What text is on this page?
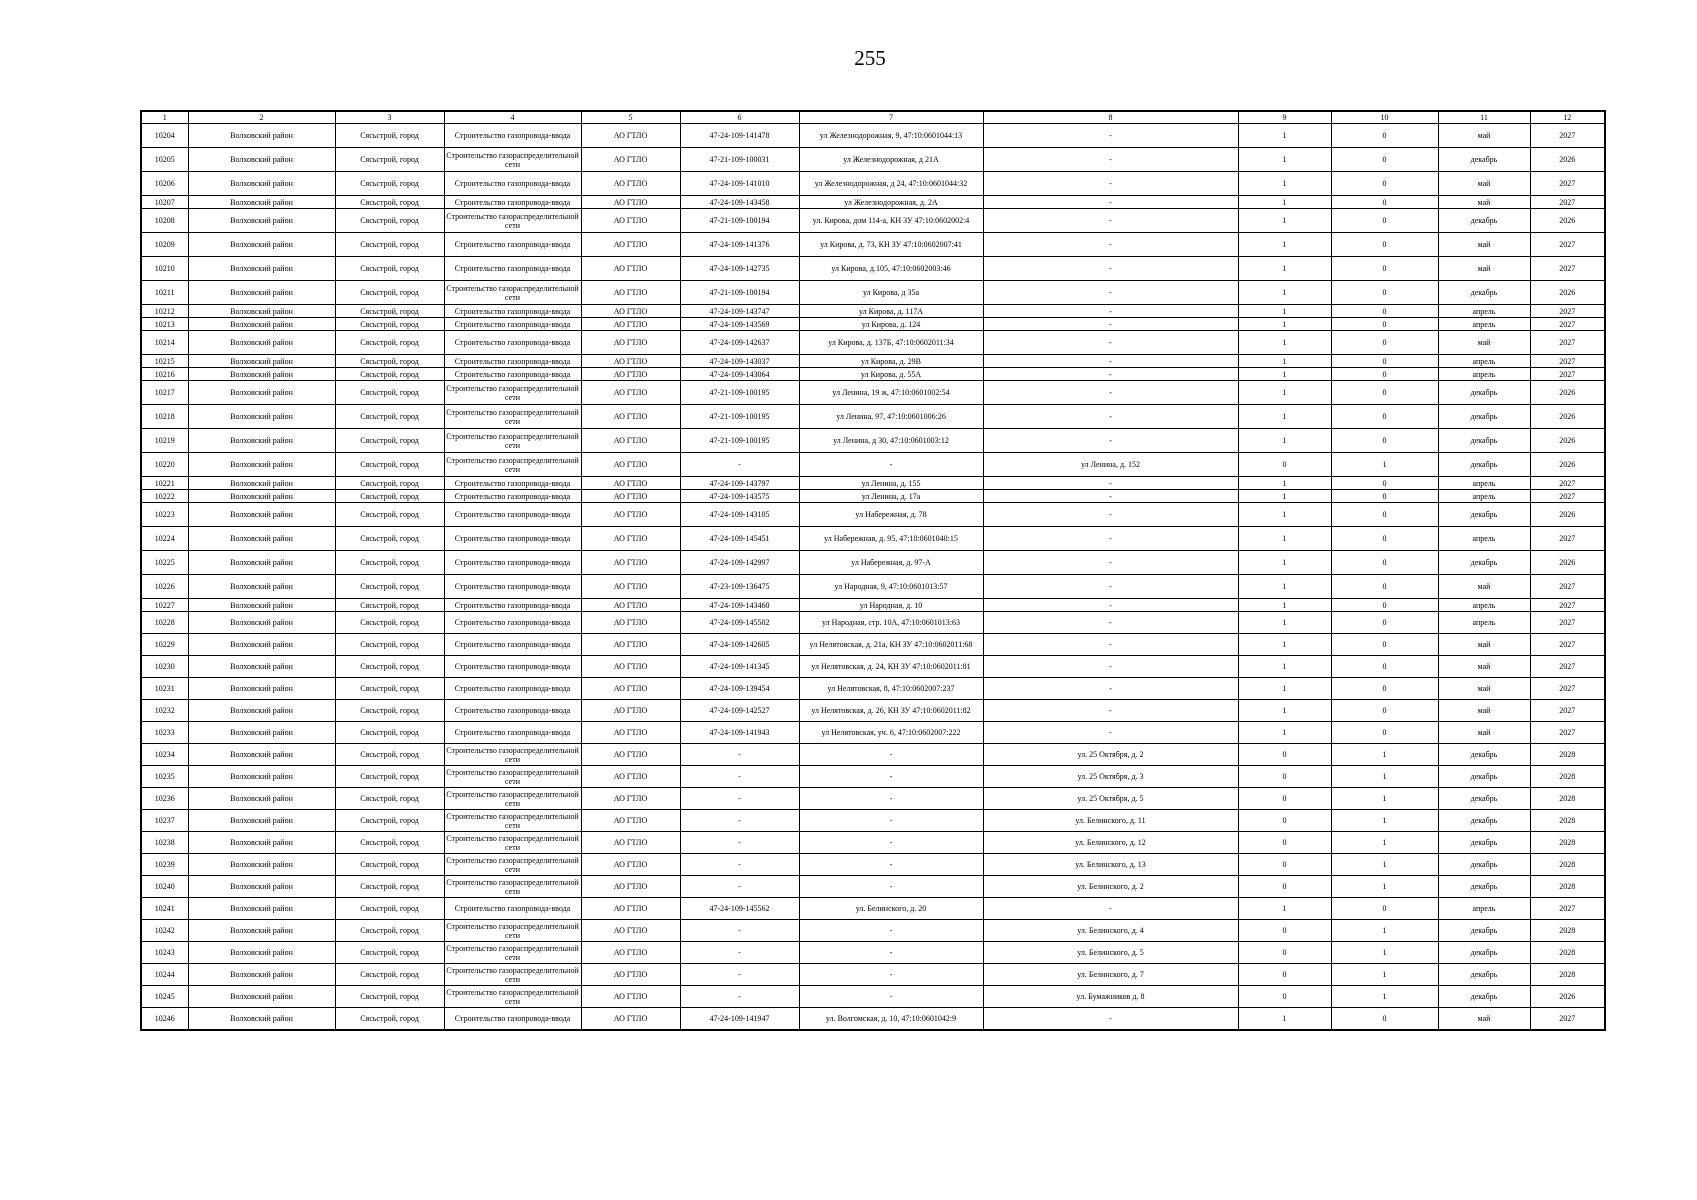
255
1	2	3	4	5	6	7	8	9	10	11	12
10204	Волховский район	Сясьстрой, город	Строительство газопровода-ввода	АО ГТЛО	47-24-109-141478	ул Железнодорожная, 9, 47:10:0601044:13	-	1	0	май	2027
10205	Волховский район	Сясьстрой, город	Строительство газораспределительной сети	АО ГТЛО	47-21-109-100031	ул Железнодорожная, д 21А	-	1	0	декабрь	2026
10206	Волховский район	Сясьстрой, город	Строительство газопровода-ввода	АО ГТЛО	47-24-109-141010	ул Железнодорожная, д 24, 47:10:0601044:32	-	1	0	май	2027
10207	Волховский район	Сясьстрой, город	Строительство газопровода-ввода	АО ГТЛО	47-24-109-143458	ул Железнодорожная, д. 2А	-	1	0	май	2027
10208	Волховский район	Сясьстрой, город	Строительство газораспределительной сети	АО ГТЛО	47-21-109-100194	ул. Кирова, дом 114-а, КН ЗУ 47:10:0602002:4	-	1	0	декабрь	2026
10209	Волховский район	Сясьстрой, город	Строительство газопровода-ввода	АО ГТЛО	47-24-109-141376	ул Кирова, д. 73, КН ЗУ 47:10:0602007:41	-	1	0	май	2027
10210	Волховский район	Сясьстрой, город	Строительство газопровода-ввода	АО ГТЛО	47-24-109-142735	ул Кирова, д.105, 47:10:0602003:46	-	1	0	май	2027
10211	Волховский район	Сясьстрой, город	Строительство газораспределительной сети	АО ГТЛО	47-21-109-100194	ул Кирова, д 35а	-	1	0	декабрь	2026
10212	Волховский район	Сясьстрой, город	Строительство газопровода-ввода	АО ГТЛО	47-24-109-143747	ул Кирова, д. 117А	-	1	0	апрель	2027
10213	Волховский район	Сясьстрой, город	Строительство газопровода-ввода	АО ГТЛО	47-24-109-143569	ул Кирова, д. 124	-	1	0	апрель	2027
10214	Волховский район	Сясьстрой, город	Строительство газопровода-ввода	АО ГТЛО	47-24-109-142637	ул Кирова, д. 137Б, 47:10:0602011:34	-	1	0	май	2027
10215	Волховский район	Сясьстрой, город	Строительство газопровода-ввода	АО ГТЛО	47-24-109-143037	ул Кирова, д. 29В	-	1	0	апрель	2027
10216	Волховский район	Сясьстрой, город	Строительство газопровода-ввода	АО ГТЛО	47-24-109-143064	ул Кирова, д. 55А	-	1	0	апрель	2027
10217	Волховский район	Сясьстрой, город	Строительство газораспределительной сети	АО ГТЛО	47-21-109-100195	ул Ленина, 19 ж, 47:10:0601002:54	-	1	0	декабрь	2026
10218	Волховский район	Сясьстрой, город	Строительство газораспределительной сети	АО ГТЛО	47-21-109-100195	ул Ленина, 97, 47:10:0601006:26	-	1	0	декабрь	2026
10219	Волховский район	Сясьстрой, город	Строительство газораспределительной сети	АО ГТЛО	47-21-109-100195	ул Ленина, д 30, 47:10:0601003:12	-	1	0	декабрь	2026
10220	Волховский район	Сясьстрой, город	Строительство газораспределительной сети	АО ГТЛО	-	-	ул Ленина, д. 152	0	1	декабрь	2026
10221	Волховский район	Сясьстрой, город	Строительство газопровода-ввода	АО ГТЛО	47-24-109-143797	ул Ленина, д. 155	-	1	0	апрель	2027
10222	Волховский район	Сясьстрой, город	Строительство газопровода-ввода	АО ГТЛО	47-24-109-143575	ул Ленина, д. 17а	-	1	0	апрель	2027
10223	Волховский район	Сясьстрой, город	Строительство газопровода-ввода	АО ГТЛО	47-24-109-143105	ул Набережная, д. 78	-	1	0	декабрь	2026
10224	Волховский район	Сясьстрой, город	Строительство газопровода-ввода	АО ГТЛО	47-24-109-145451	ул Набережная, д. 95, 47:10:0601040:15	-	1	0	апрель	2027
10225	Волховский район	Сясьстрой, город	Строительство газопровода-ввода	АО ГТЛО	47-24-109-142997	ул Набережная, д. 97-А	-	1	0	декабрь	2026
10226	Волховский район	Сясьстрой, город	Строительство газопровода-ввода	АО ГТЛО	47-23-109-136475	ул Народная, 9, 47:10:0601013:57	-	1	0	май	2027
10227	Волховский район	Сясьстрой, город	Строительство газопровода-ввода	АО ГТЛО	47-24-109-143460	ул Народная, д. 10	-	1	0	апрель	2027
10228	Волховский район	Сясьстрой, город	Строительство газопровода-ввода	АО ГТЛО	47-24-109-145502	ул Народная, стр. 10А, 47:10:0601013:63	-	1	0	апрель	2027
10229	Волховский район	Сясьстрой, город	Строительство газопровода-ввода	АО ГТЛО	47-24-109-142605	ул Нелятовская, д. 21а, КН ЗУ 47:10:0602011:68	-	1	0	май	2027
10230	Волховский район	Сясьстрой, город	Строительство газопровода-ввода	АО ГТЛО	47-24-109-141345	ул Нелятовская, д. 24, КН ЗУ 47:10:0602011:81	-	1	0	май	2027
10231	Волховский район	Сясьстрой, город	Строительство газопровода-ввода	АО ГТЛО	47-24-109-139454	ул Нелятовская, 8, 47:10:0602007:237	-	1	0	май	2027
10232	Волховский район	Сясьстрой, город	Строительство газопровода-ввода	АО ГТЛО	47-24-109-142527	ул Нелятовская, д. 26, КН ЗУ 47:10:0602011:82	-	1	0	май	2027
10233	Волховский район	Сясьстрой, город	Строительство газопровода-ввода	АО ГТЛО	47-24-109-141943	ул Нелятовская, уч. 6, 47:10:0602007:222	-	1	0	май	2027
10234	Волховский район	Сясьстрой, город	Строительство газораспределительной сети	АО ГТЛО	-	-	ул. 25 Октября, д. 2	0	1	декабрь	2028
10235	Волховский район	Сясьстрой, город	Строительство газораспределительной сети	АО ГТЛО	-	-	ул. 25 Октября, д. 3	0	1	декабрь	2028
10236	Волховский район	Сясьстрой, город	Строительство газораспределительной сети	АО ГТЛО	-	-	ул. 25 Октября, д. 5	0	1	декабрь	2028
10237	Волховский район	Сясьстрой, город	Строительство газораспределительной сети	АО ГТЛО	-	-	ул. Белинского, д. 11	0	1	декабрь	2028
10238	Волховский район	Сясьстрой, город	Строительство газораспределительной сети	АО ГТЛО	-	-	ул. Белинского, д. 12	0	1	декабрь	2028
10239	Волховский район	Сясьстрой, город	Строительство газораспределительной сети	АО ГТЛО	-	-	ул. Белинского, д. 13	0	1	декабрь	2028
10240	Волховский район	Сясьстрой, город	Строительство газораспределительной сети	АО ГТЛО	-	-	ул. Белинского, д. 2	0	1	декабрь	2028
10241	Волховский район	Сясьстрой, город	Строительство газопровода-ввода	АО ГТЛО	47-24-109-145562	ул. Белинского, д. 20	-	1	0	апрель	2027
10242	Волховский район	Сясьстрой, город	Строительство газораспределительной сети	АО ГТЛО	-	-	ул. Белинского, д. 4	0	1	декабрь	2028
10243	Волховский район	Сясьстрой, город	Строительство газораспределительной сети	АО ГТЛО	-	-	ул. Белинского, д. 5	0	1	декабрь	2028
10244	Волховский район	Сясьстрой, город	Строительство газораспределительной сети	АО ГТЛО	-	-	ул. Белинского, д. 7	0	1	декабрь	2028
10245	Волховский район	Сясьстрой, город	Строительство газораспределительной сети	АО ГТЛО	-	-	ул. Бумажников д. 8	0	1	декабрь	2026
10246	Волховский район	Сясьстрой, город	Строительство газопровода-ввода	АО ГТЛО	47-24-109-141947	ул. Волгомская, д. 10, 47:10:0601042:9	-	1	0	май	2027
